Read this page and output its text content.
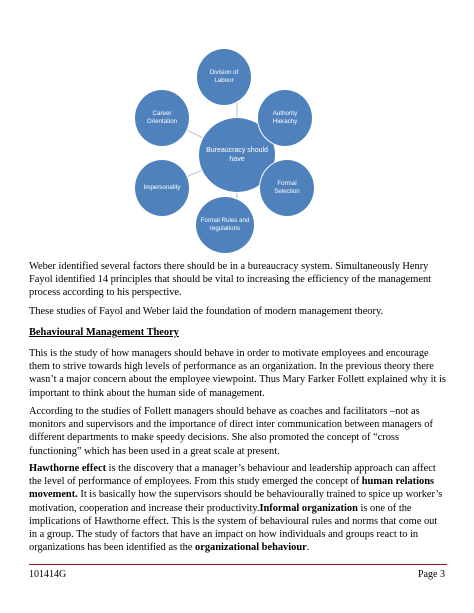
Bureaucracy should have
Division of Labour
Authority Hierachy
Formal Selection
Formal Rules and regulations
Impersonality
Career Orientation

Weber identified several factors there should be in a bureaucracy system. Simultaneously Henry Fayol identified 14 principles that should be vital to increasing the efficiency of the management process according to his perspective.

These studies of Fayol and Weber laid the foundation of modern management theory.

Behavioural Management Theory

This is the study of how managers should behave in order to motivate employees and encourage them to strive towards high levels of performance as an organization. In the previous theory there wasn’t a major concern about the employee viewpoint. Thus Mary Farker Follett explained why it is important to think about the human side of management.

According to the studies of Follett managers should behave as coaches and facilitators –not as monitors and supervisors and the importance of direct inter communication between managers of different departments to make speedy decisions. She also promoted the concept of “cross functioning” which has been used in a great scale at present.

Hawthorne effect is the discovery that a manager’s behaviour and leadership approach can affect the level of performance of employees. From this study emerged the concept of human relations movement. It is basically how the supervisors should be behaviourally trained to spice up worker’s motivation, cooperation and increase their productivity.Informal organization is one of the implications of Hawthorne effect. This is the system of behavioural rules and norms that come out in a group. The study of factors that have an impact on how individuals and groups react to in organizations has been identified as the organizational behaviour.

101414G	Page 3
